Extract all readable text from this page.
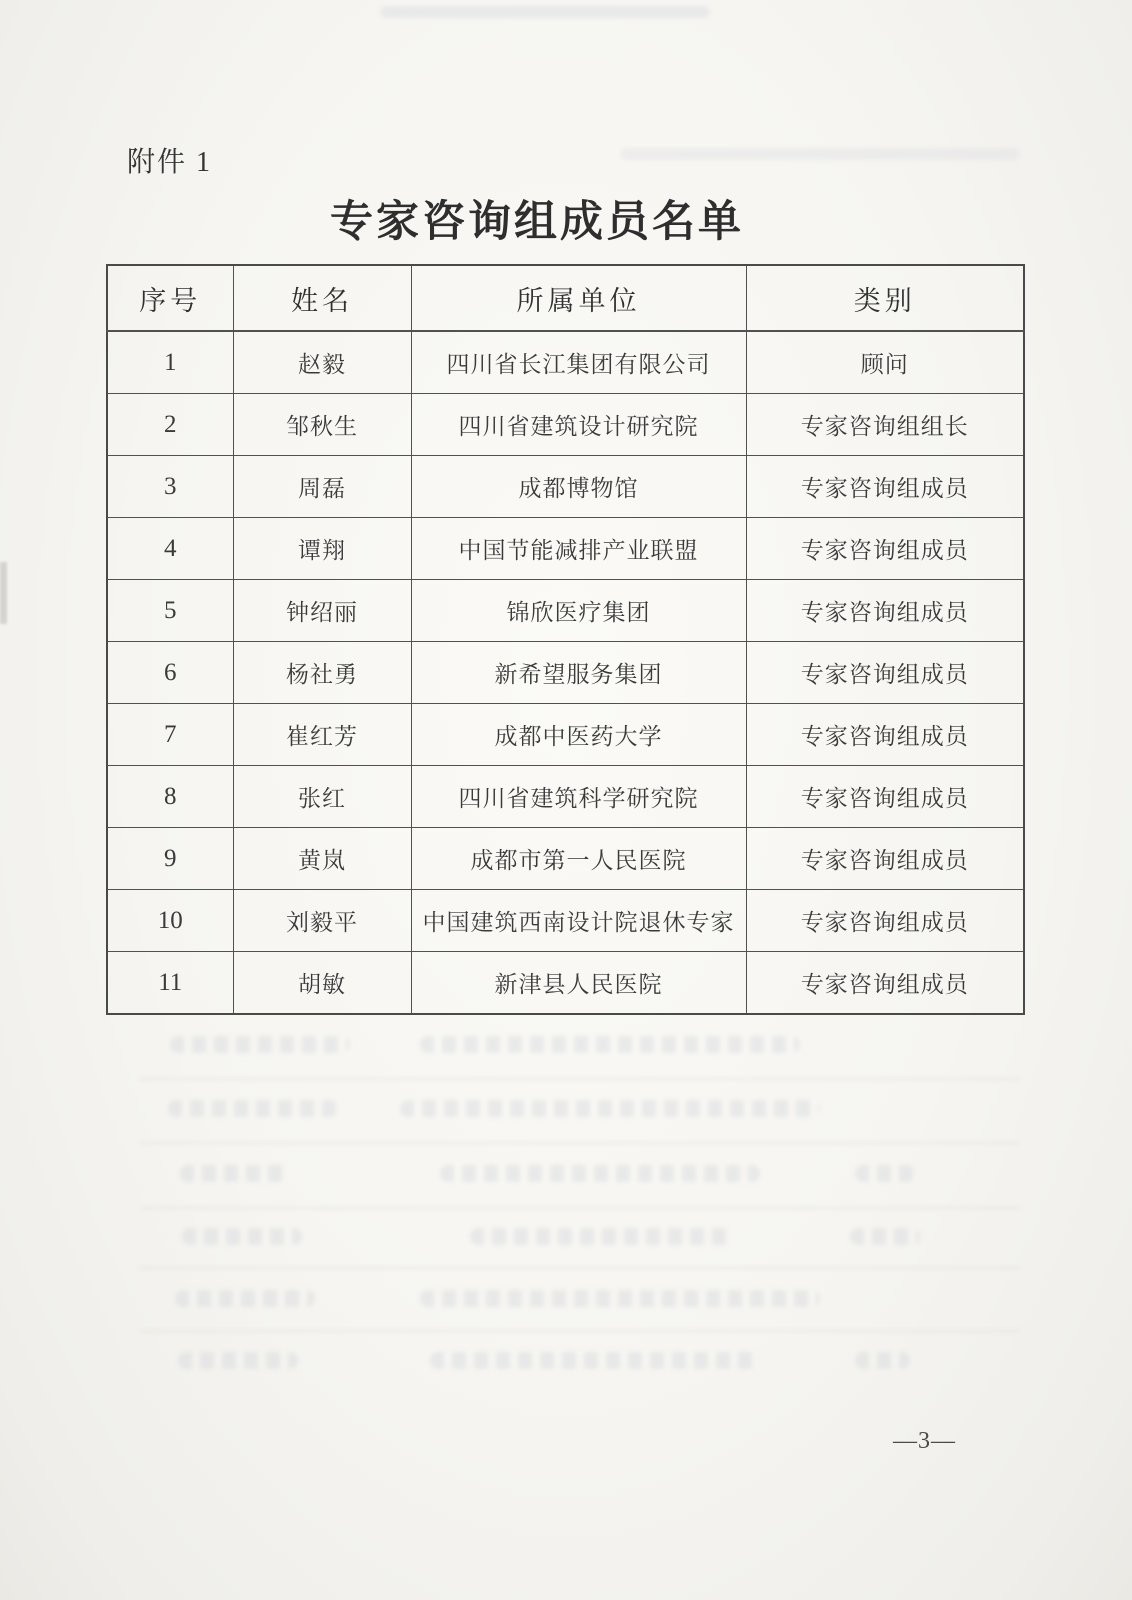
附件 1
专家咨询组成员名单
序号	姓名	所属单位	类别
1	赵毅	四川省长江集团有限公司	顾问
2	邹秋生	四川省建筑设计研究院	专家咨询组组长
3	周磊	成都博物馆	专家咨询组成员
4	谭翔	中国节能减排产业联盟	专家咨询组成员
5	钟绍丽	锦欣医疗集团	专家咨询组成员
6	杨社勇	新希望服务集团	专家咨询组成员
7	崔红芳	成都中医药大学	专家咨询组成员
8	张红	四川省建筑科学研究院	专家咨询组成员
9	黄岚	成都市第一人民医院	专家咨询组成员
10	刘毅平	中国建筑西南设计院退休专家	专家咨询组成员
11	胡敏	新津县人民医院	专家咨询组成员
—3—
